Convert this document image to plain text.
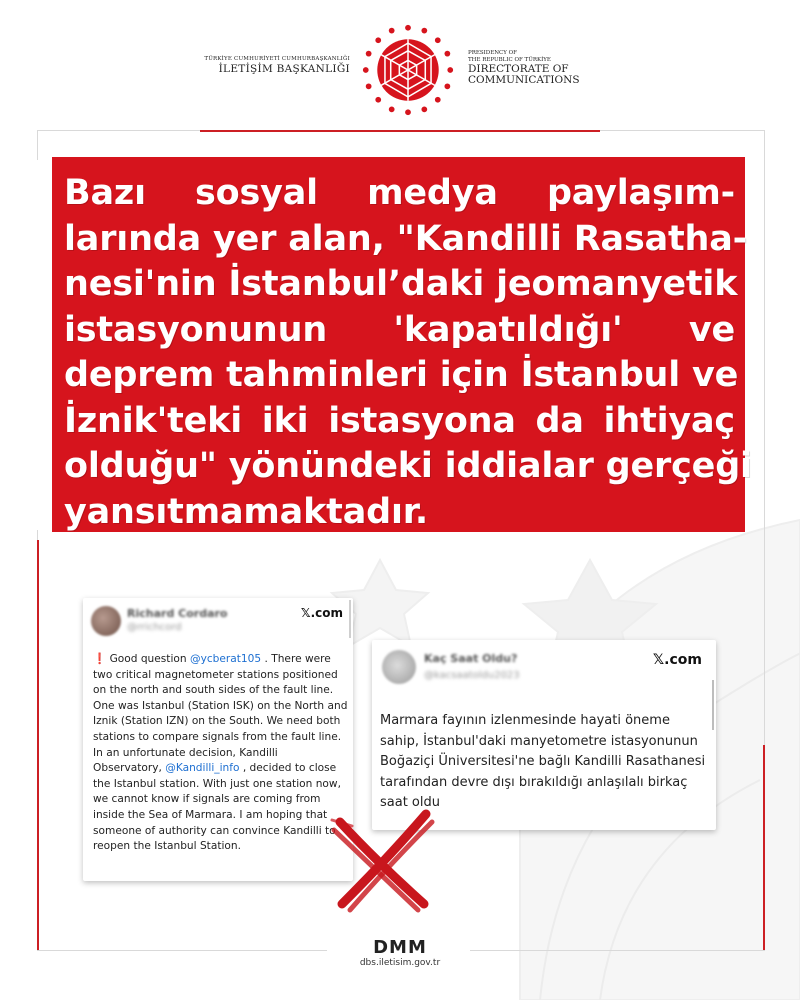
TÜRKİYE CUMHURİYETİ CUMHURBAŞKANLIĞI
İLETİŞİM BAŞKANLIĞI
PRESIDENCY OF
THE REPUBLIC OF TÜRKİYE
DIRECTORATE OF
COMMUNICATIONS
Bazı sosyal medya paylaşım-
larında yer alan, "Kandilli Rasatha-
nesi'nin İstanbul’daki jeomanyetik
istasyonunun 'kapatıldığı' ve
deprem tahminleri için İstanbul ve
İznik'teki iki istasyona da ihtiyaç
olduğu" yönündeki iddialar gerçeği
yansıtmamaktadır.
Richard Cordaro
@rrichcord
𝕏.com
❗ Good question @ycberat105 . There were two critical magnetometer stations positioned on the north and south sides of the fault line. One was Istanbul (Station ISK) on the North and Iznik (Station IZN) on the South. We need both stations to compare signals from the fault line. In an unfortunate decision, Kandilli Observatory, @Kandilli_info , decided to close the Istanbul station. With just one station now, we cannot know if signals are coming from inside the Sea of Marmara. I am hoping that someone of authority can convince Kandilli to reopen the Istanbul Station.
Kaç Saat Oldu?
@kacsaatoldu2023
𝕏.com
Marmara fayının izlenmesinde hayati öneme sahip, İstanbul'daki manyetometre istasyonunun Boğaziçi Üniversitesi'ne bağlı Kandilli Rasathanesi tarafından devre dışı bırakıldığı anlaşılalı birkaç saat oldu
DMM
dbs.iletisim.gov.tr
